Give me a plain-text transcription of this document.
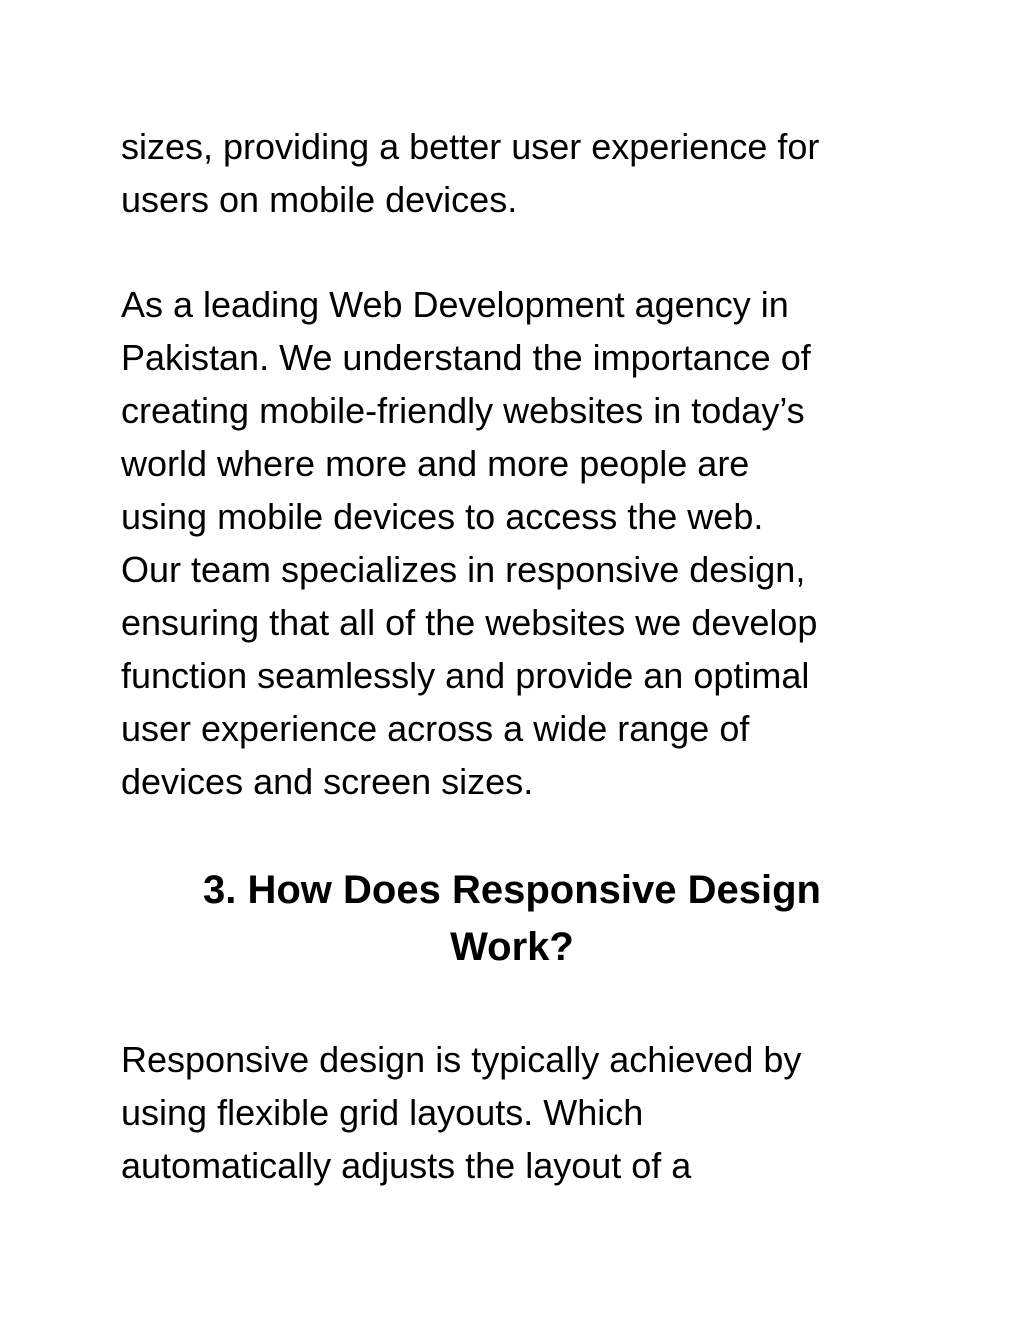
sizes, providing a better user experience for
users on mobile devices.

As a leading Web Development agency in
Pakistan. We understand the importance of
creating mobile-friendly websites in today’s
world where more and more people are
using mobile devices to access the web.
Our team specializes in responsive design,
ensuring that all of the websites we develop
function seamlessly and provide an optimal
user experience across a wide range of
devices and screen sizes.

3. How Does Responsive Design
Work?

Responsive design is typically achieved by
using flexible grid layouts. Which
automatically adjusts the layout of a
